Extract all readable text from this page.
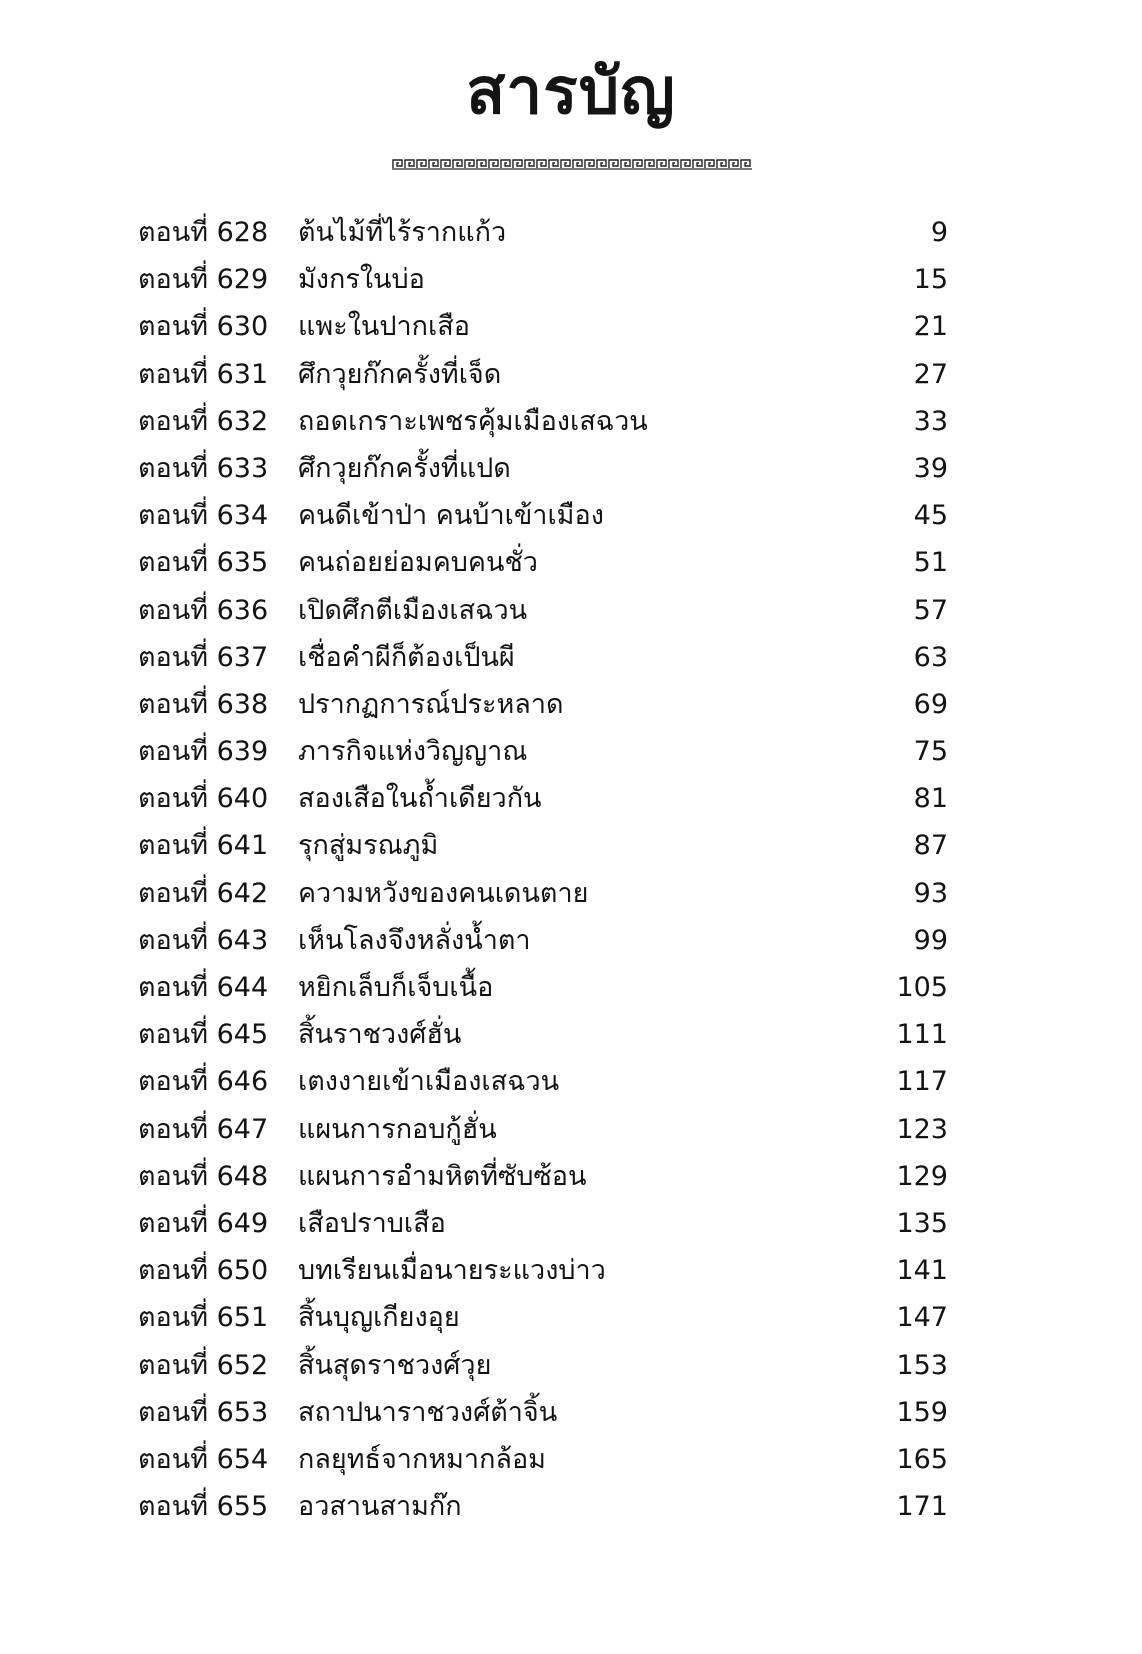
สารบัญ
ตอนที่ 628 ต้นไม้ที่ไร้รากแก้ว	9
ตอนที่ 629 มังกรในบ่อ	15
ตอนที่ 630 แพะในปากเสือ	21
ตอนที่ 631 ศึกวุยก๊กครั้งที่เจ็ด	27
ตอนที่ 632 ถอดเกราะเพชรคุ้มเมืองเสฉวน	33
ตอนที่ 633 ศึกวุยก๊กครั้งที่แปด	39
ตอนที่ 634 คนดีเข้าป่า คนบ้าเข้าเมือง	45
ตอนที่ 635 คนถ่อยย่อมคบคนชั่ว	51
ตอนที่ 636 เปิดศึกตีเมืองเสฉวน	57
ตอนที่ 637 เชื่อคำผีก็ต้องเป็นผี	63
ตอนที่ 638 ปรากฏการณ์ประหลาด	69
ตอนที่ 639 ภารกิจแห่งวิญญาณ	75
ตอนที่ 640 สองเสือในถ้ำเดียวกัน	81
ตอนที่ 641 รุกสู่มรณภูมิ	87
ตอนที่ 642 ความหวังของคนเดนตาย	93
ตอนที่ 643 เห็นโลงจึงหลั่งน้ำตา	99
ตอนที่ 644 หยิกเล็บก็เจ็บเนื้อ	105
ตอนที่ 645 สิ้นราชวงศ์ฮั่น	111
ตอนที่ 646 เตงงายเข้าเมืองเสฉวน	117
ตอนที่ 647 แผนการกอบกู้ฮั่น	123
ตอนที่ 648 แผนการอำมหิตที่ซับซ้อน	129
ตอนที่ 649 เสือปราบเสือ	135
ตอนที่ 650 บทเรียนเมื่อนายระแวงบ่าว	141
ตอนที่ 651 สิ้นบุญเกียงอุย	147
ตอนที่ 652 สิ้นสุดราชวงศ์วุย	153
ตอนที่ 653 สถาปนาราชวงศ์ต้าจิ้น	159
ตอนที่ 654 กลยุทธ์จากหมากล้อม	165
ตอนที่ 655 อวสานสามก๊ก	171
